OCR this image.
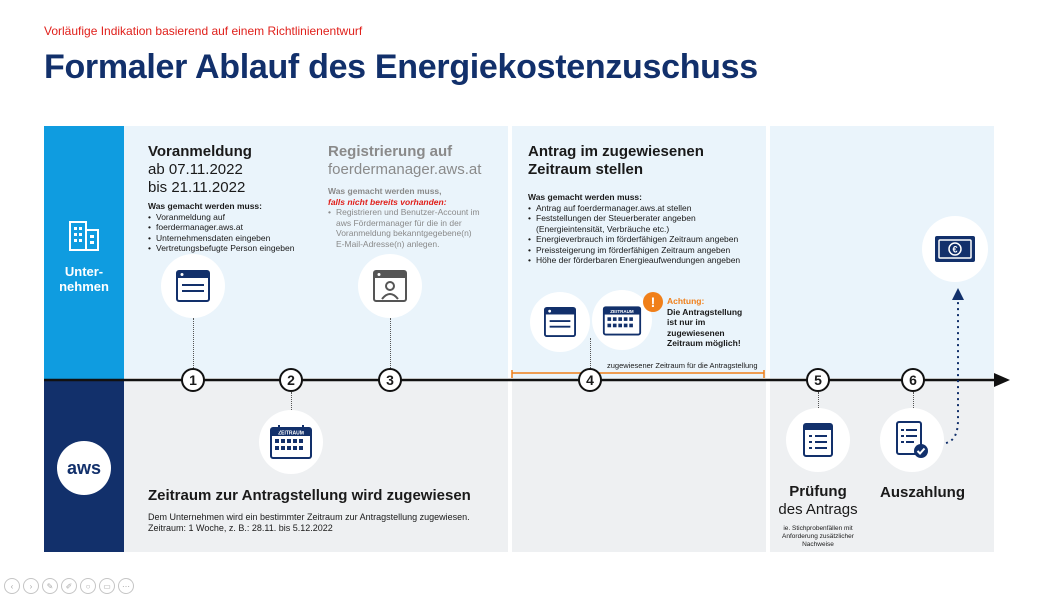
Vorläufige Indikation basierend auf einem Richtlinienentwurf
Formaler Ablauf des Energiekostenzuschuss
Unter-
nehmen
aws
zugewiesener Zeitraum für die Antragstellung
Voranmeldung
ab 07.11.2022
bis 21.11.2022
Was gemacht werden muss:
• Voranmeldung auf
• foerdermanager.aws.at
• Unternehmensdaten eingeben
• Vertretungsbefugte Person eingeben
1	2
ZEITRAUM
Zeitraum zur Antragstellung wird zugewiesen
Dem Unternehmen wird ein bestimmter Zeitraum zur Antragstellung zugewiesen.
Zeitraum: 1 Woche, z. B.: 28.11. bis 5.12.2022
Registrierung auf
foerdermanager.aws.at
Was gemacht werden muss,
falls nicht bereits vorhanden:
• Registrieren und Benutzer-Account im
aws Fördermanager für die in der
Voranmeldung bekanntgegebene(n)
E-Mail-Adresse(n) anlegen.
3
Antrag im zugewiesenen
Zeitraum stellen
Was gemacht werden muss:
• Antrag auf foerdermanager.aws.at stellen
• Feststellungen der Steuerberater angeben
(Energieintensität, Verbräuche etc.)
• Energieverbrauch im förderfähigen Zeitraum angeben
• Preissteigerung im förderfähigen Zeitraum angeben
• Höhe der förderbaren Energieaufwendungen angeben
ZEITRAUM
!	Achtung:
Die Antragstellung
ist nur im
zugewiesenen
Zeitraum möglich!
4	5
Prüfung
des Antrags
ie. Stichprobenfällen mit
Anforderung zusätzlicher
Nachweise
6
Auszahlung
€
‹	›	✎	✐	○	▭	⋯
